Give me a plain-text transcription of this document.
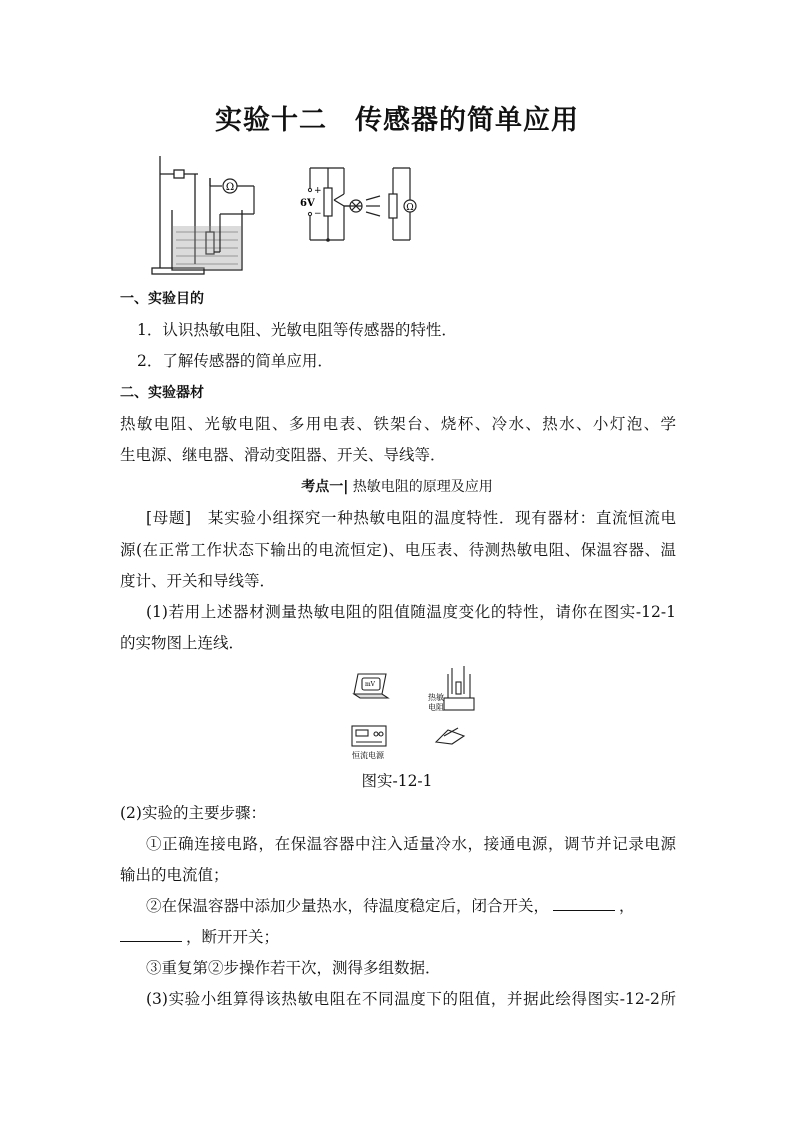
实验十二　传感器的简单应用
Ω	+
6V
−
Ω
一、实验目的
1．认识热敏电阻、光敏电阻等传感器的特性．
2．了解传感器的简单应用．
二、实验器材
热敏电阻、光敏电阻、多用电表、铁架台、烧杯、冷水、热水、小灯泡、学
生电源、继电器、滑动变阻器、开关、导线等．
考点一| 热敏电阻的原理及应用
[母题]　某实验小组探究一种热敏电阻的温度特性．现有器材：直流恒流电
源(在正常工作状态下输出的电流恒定)、电压表、待测热敏电阻、保温容器、温
度计、开关和导线等．
(1)若用上述器材测量热敏电阻的阻值随温度变化的特性，请你在图实-12-1
的实物图上连线．
热敏
电阻
恒流电源
mV
图实-12-1
(2)实验的主要步骤：
①正确连接电路，在保温容器中注入适量冷水，接通电源，调节并记录电源
输出的电流值；
②在保温容器中添加少量热水，待温度稳定后，闭合开关，	，
，断开开关；
③重复第②步操作若干次，测得多组数据．
(3)实验小组算得该热敏电阻在不同温度下的阻值，并据此绘得图实-12-2所
